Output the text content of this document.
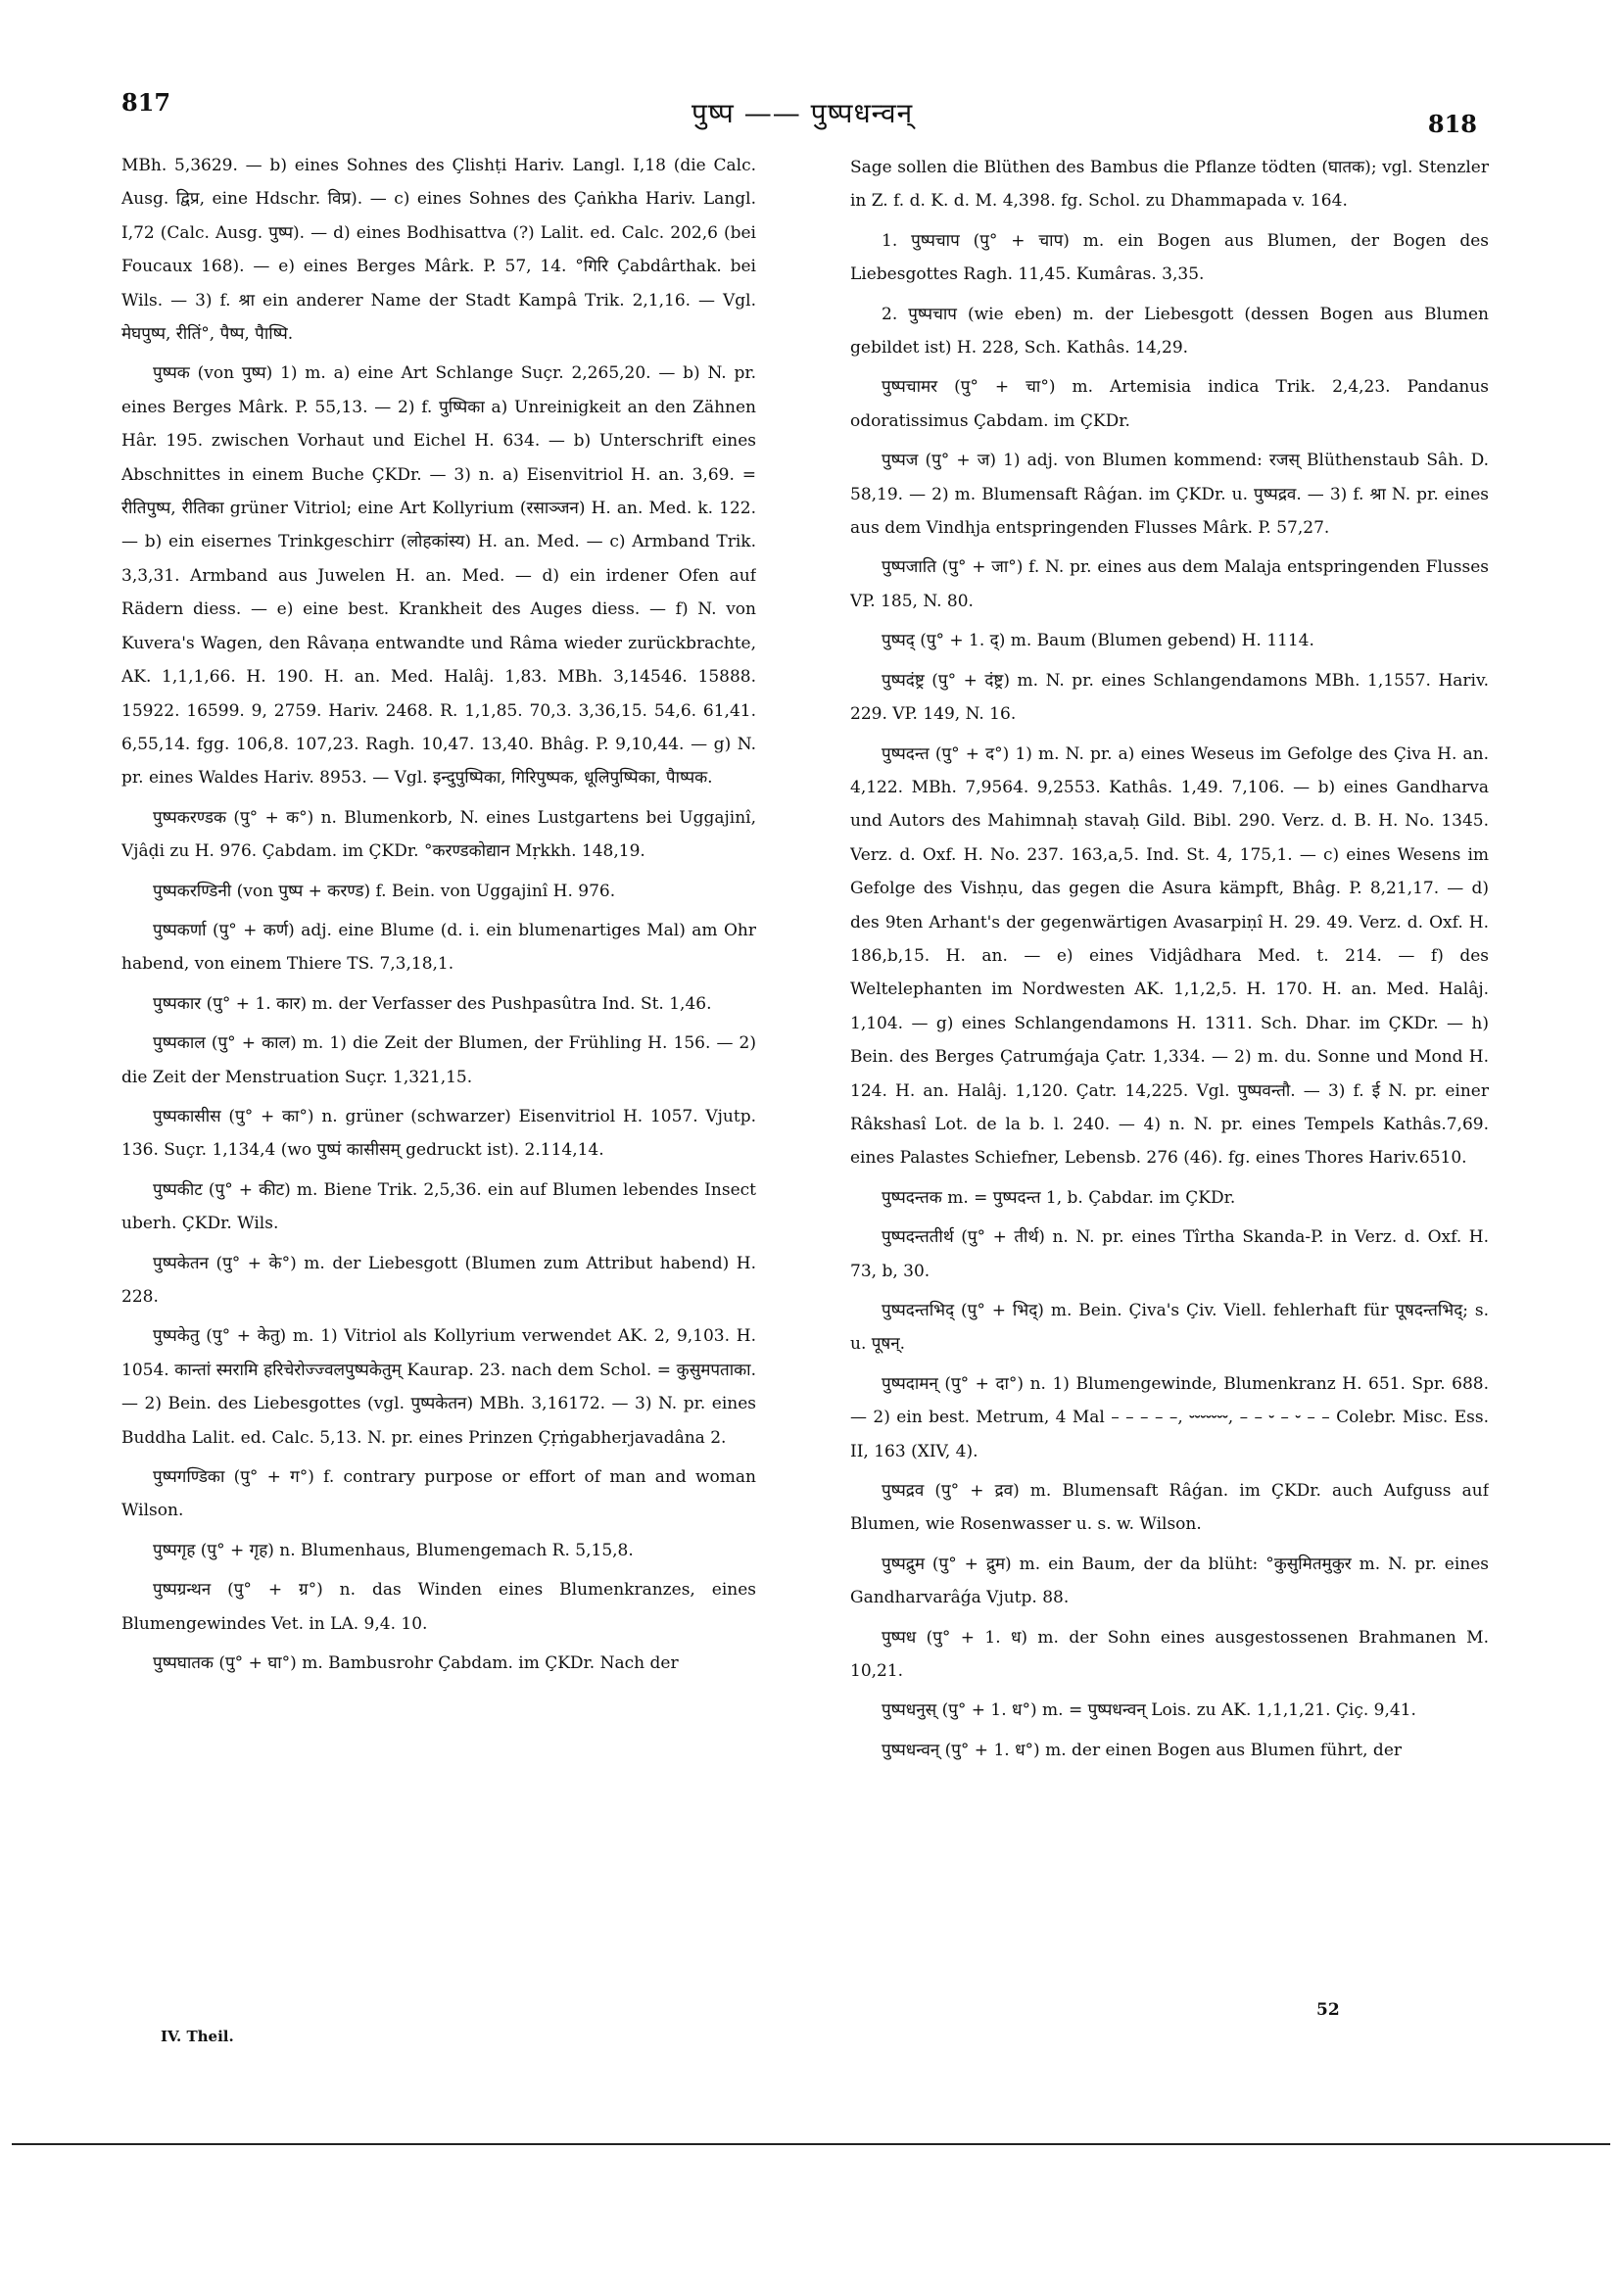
817	पुष्प —— पुष्पधन्वन्	818

MBh. 5,3629. — b) eines Sohnes des Çlishṭi Hariv. Langl. I,18 (die Calc. Ausg. द्विप्र, eine Hdschr. विप्र). — c) eines Sohnes des Çaṅkha Hariv. Langl. I,72 (Calc. Ausg. पुष्प). — d) eines Bodhisattva (?) Lalit. ed. Calc. 202,6 (bei Foucaux 168). — e) eines Berges Mârk. P. 57, 14. °गिरि Çabdârthak. bei Wils. — 3) f. श्रा ein anderer Name der Stadt Kampâ Trik. 2,1,16. — Vgl. मेघपुष्प, रीतिं°, पैष्प, पैाष्पि.

पुष्पक (von पुष्प) 1) m. a) eine Art Schlange Suçr. 2,265,20. — b) N. pr. eines Berges Mârk. P. 55,13. — 2) f. पुष्पिका a) Unreinigkeit an den Zähnen Hâr. 195. zwischen Vorhaut und Eichel H. 634. — b) Unterschrift eines Abschnittes in einem Buche ÇKDr. — 3) n. a) Eisenvitriol H. an. 3,69. = रीतिपुष्प, रीतिका grüner Vitriol; eine Art Kollyrium (रसाञ्जन) H. an. Med. k. 122. — b) ein eisernes Trinkgeschirr (लोहकांस्य) H. an. Med. — c) Armband Trik. 3,3,31. Armband aus Juwelen H. an. Med. — d) ein irdener Ofen auf Rädern diess. — e) eine best. Krankheit des Auges diess. — f) N. von Kuvera's Wagen, den Râvaṇa entwandte und Râma wieder zurückbrachte, AK. 1,1,1,66. H. 190. H. an. Med. Halâj. 1,83. MBh. 3,14546. 15888. 15922. 16599. 9, 2759. Hariv. 2468. R. 1,1,85. 70,3. 3,36,15. 54,6. 61,41. 6,55,14. fgg. 106,8. 107,23. Ragh. 10,47. 13,40. Bhâg. P. 9,10,44. — g) N. pr. eines Waldes Hariv. 8953. — Vgl. इन्दुपुष्पिका, गिरिपुष्पक, धूलिपुष्पिका, पैाष्पक.

पुष्पकरण्डक (पु° + क°) n. Blumenkorb, N. eines Lustgartens bei Uggajinî, Vjâḍi zu H. 976. Çabdam. im ÇKDr. °करण्डकोद्यान Mṛkkh. 148,19.

पुष्पकरण्डिनी (von पुष्प + करण्ड) f. Bein. von Uggajinî H. 976.

पुष्पकर्णा (पु° + कर्ण) adj. eine Blume (d. i. ein blumenartiges Mal) am Ohr habend, von einem Thiere TS. 7,3,18,1.

पुष्पकार (पु° + 1. कार) m. der Verfasser des Pushpasûtra Ind. St. 1,46.

पुष्पकाल (पु° + काल) m. 1) die Zeit der Blumen, der Frühling H. 156. — 2) die Zeit der Menstruation Suçr. 1,321,15.

पुष्पकासीस (पु° + का°) n. grüner (schwarzer) Eisenvitriol H. 1057. Vjutp. 136. Suçr. 1,134,4 (wo पुष्पं कासीसम् gedruckt ist). 2.114,14.

पुष्पकीट (पु° + कीट) m. Biene Trik. 2,5,36. ein auf Blumen lebendes Insect uberh. ÇKDr. Wils.

पुष्पकेतन (पु° + के°) m. der Liebesgott (Blumen zum Attribut habend) H. 228.

पुष्पकेतु (पु° + केतु) m. 1) Vitriol als Kollyrium verwendet AK. 2, 9,103. H. 1054. कान्तां स्मरामि हरिचेरोज्ज्वलपुष्पकेतुम् Kaurap. 23. nach dem Schol. = कुसुमपताका. — 2) Bein. des Liebesgottes (vgl. पुष्पकेतन) MBh. 3,16172. — 3) N. pr. eines Buddha Lalit. ed. Calc. 5,13. N. pr. eines Prinzen Çṛṅgabherjavadâna 2.

पुष्पगण्डिका (पु° + ग°) f. contrary purpose or effort of man and woman Wilson.

पुष्पगृह (पु° + गृह) n. Blumenhaus, Blumengemach R. 5,15,8.

पुष्पग्रन्थन (पु° + ग्र°) n. das Winden eines Blumenkranzes, eines Blumengewindes Vet. in LA. 9,4. 10.

पुष्पघातक (पु° + घा°) m. Bambusrohr Çabdam. im ÇKDr. Nach der

Sage sollen die Blüthen des Bambus die Pflanze tödten (घातक); vgl. Stenzler in Z. f. d. K. d. M. 4,398. fg. Schol. zu Dhammapada v. 164.

1. पुष्पचाप (पु° + चाप) m. ein Bogen aus Blumen, der Bogen des Liebesgottes Ragh. 11,45. Kumâras. 3,35.

2. पुष्पचाप (wie eben) m. der Liebesgott (dessen Bogen aus Blumen gebildet ist) H. 228, Sch. Kathâs. 14,29.

पुष्पचामर (पु° + चा°) m. Artemisia indica Trik. 2,4,23. Pandanus odoratissimus Çabdam. im ÇKDr.

पुष्पज (पु° + ज) 1) adj. von Blumen kommend: रजस् Blüthenstaub Sâh. D. 58,19. — 2) m. Blumensaft Râǵan. im ÇKDr. u. पुष्पद्रव. — 3) f. श्रा N. pr. eines aus dem Vindhja entspringenden Flusses Mârk. P. 57,27.

पुष्पजाति (पु° + जा°) f. N. pr. eines aus dem Malaja entspringenden Flusses VP. 185, N. 80.

पुष्पद् (पु° + 1. द्) m. Baum (Blumen gebend) H. 1114.

पुष्पदंष्ट्र (पु° + दंष्ट्र) m. N. pr. eines Schlangendamons MBh. 1,1557. Hariv. 229. VP. 149, N. 16.

पुष्पदन्त (पु° + द°) 1) m. N. pr. a) eines Weseus im Gefolge des Çiva H. an. 4,122. MBh. 7,9564. 9,2553. Kathâs. 1,49. 7,106. — b) eines Gandharva und Autors des Mahimnaḥ stavaḥ Gild. Bibl. 290. Verz. d. B. H. No. 1345. Verz. d. Oxf. H. No. 237. 163,a,5. Ind. St. 4, 175,1. — c) eines Wesens im Gefolge des Vishṇu, das gegen die Asura kämpft, Bhâg. P. 8,21,17. — d) des 9ten Arhant's der gegenwärtigen Avasarpiṇî H. 29. 49. Verz. d. Oxf. H. 186,b,15. H. an. — e) eines Vidjâdhara Med. t. 214. — f) des Weltelephanten im Nordwesten AK. 1,1,2,5. H. 170. H. an. Med. Halâj. 1,104. — g) eines Schlangendamons H. 1311. Sch. Dhar. im ÇKDr. — h) Bein. des Berges Çatrumǵaja Çatr. 1,334. — 2) m. du. Sonne und Mond H. 124. H. an. Halâj. 1,120. Çatr. 14,225. Vgl. पुष्पवन्तौ. — 3) f. ई N. pr. einer Râkshasî Lot. de la b. l. 240. — 4) n. N. pr. eines Tempels Kathâs.7,69. eines Palastes Schiefner, Lebensb. 276 (46). fg. eines Thores Hariv.6510.

पुष्पदन्तक m. = पुष्पदन्त 1, b. Çabdar. im ÇKDr.

पुष्पदन्ततीर्थ (पु° + तीर्थ) n. N. pr. eines Tîrtha Skanda-P. in Verz. d. Oxf. H. 73, b, 30.

पुष्पदन्तभिद् (पु° + भिद्) m. Bein. Çiva's Çiv. Viell. fehlerhaft für पूषदन्तभिद्; s. u. पूषन्.

पुष्पदामन् (पु° + दा°) n. 1) Blumengewinde, Blumenkranz H. 651. Spr. 688. — 2) ein best. Metrum, 4 Mal – – – – –, ⏑⏑⏑⏑⏑⏑⏑, – – ⏑ – ⏑ – – Colebr. Misc. Ess. II, 163 (XIV, 4).

पुष्पद्रव (पु° + द्रव) m. Blumensaft Râǵan. im ÇKDr. auch Aufguss auf Blumen, wie Rosenwasser u. s. w. Wilson.

पुष्पद्रुम (पु° + द्रुम) m. ein Baum, der da blüht: °कुसुमितमुकुर m. N. pr. eines Gandharvarâǵa Vjutp. 88.

पुष्पध (पु° + 1. ध) m. der Sohn eines ausgestossenen Brahmanen M. 10,21.

पुष्पधनुस् (पु° + 1. ध°) m. = पुष्पधन्वन् Lois. zu AK. 1,1,1,21. Çiç. 9,41.

पुष्पधन्वन् (पु° + 1. ध°) m. der einen Bogen aus Blumen führt, der

IV. Theil.
52
